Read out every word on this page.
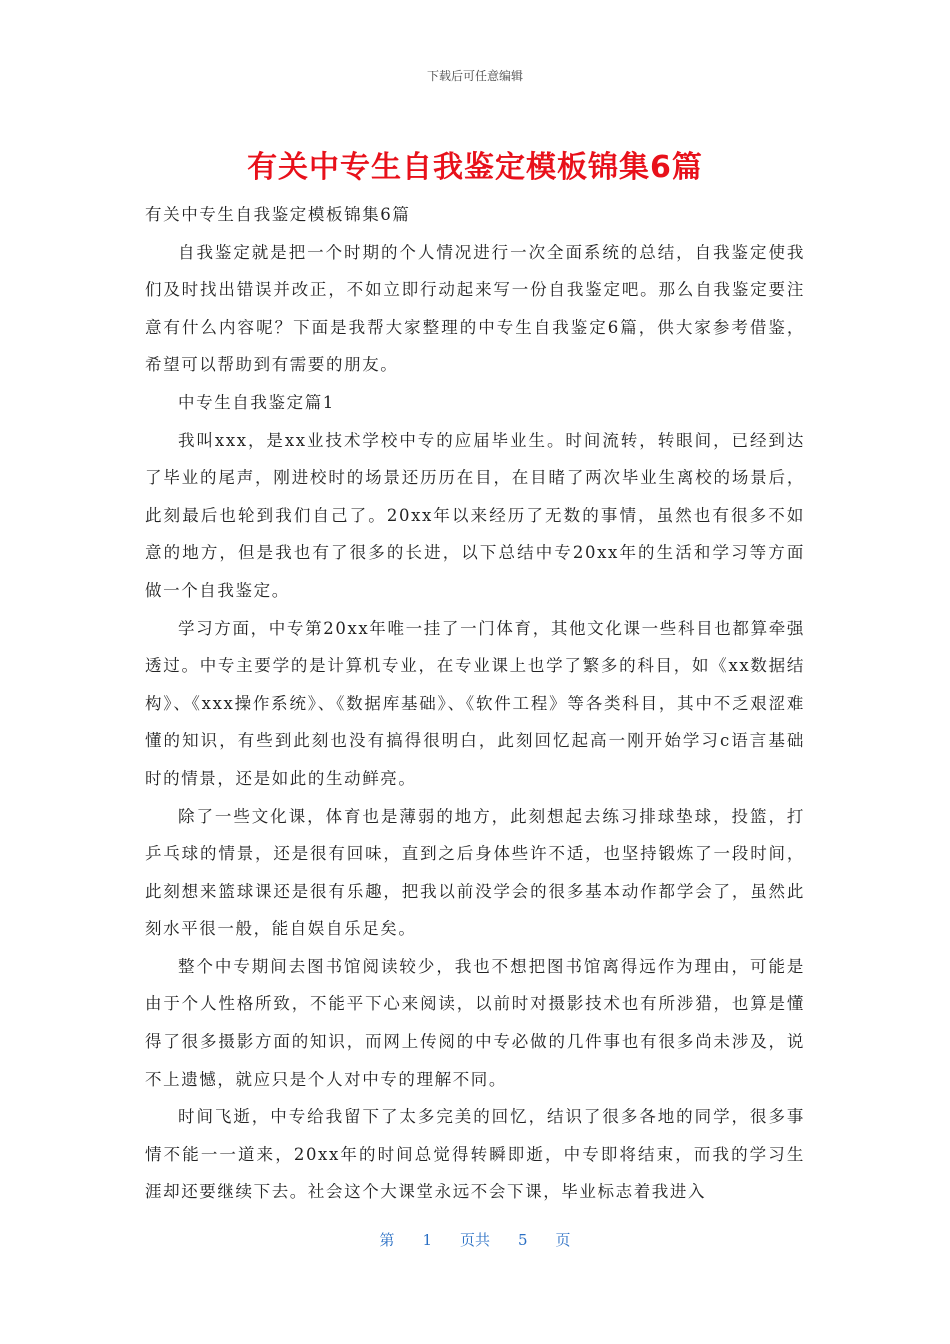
下载后可任意编辑
有关中专生自我鉴定模板锦集6篇

有关中专生自我鉴定模板锦集6篇

自我鉴定就是把一个时期的个人情况进行一次全面系统的总结，自我鉴定使我们及时找出错误并改正，不如立即行动起来写一份自我鉴定吧。那么自我鉴定要注意有什么内容呢？下面是我帮大家整理的中专生自我鉴定6篇，供大家参考借鉴，希望可以帮助到有需要的朋友。

中专生自我鉴定篇1

我叫xxx，是xx业技术学校中专的应届毕业生。时间流转，转眼间，已经到达了毕业的尾声，刚进校时的场景还历历在目，在目睹了两次毕业生离校的场景后，此刻最后也轮到我们自己了。20xx年以来经历了无数的事情，虽然也有很多不如意的地方，但是我也有了很多的长进，以下总结中专20xx年的生活和学习等方面做一个自我鉴定。

学习方面，中专第20xx年唯一挂了一门体育，其他文化课一些科目也都算牵强透过。中专主要学的是计算机专业，在专业课上也学了繁多的科目，如《xx数据结构》、《xxx操作系统》、《数据库基础》、《软件工程》等各类科目，其中不乏艰涩难懂的知识，有些到此刻也没有搞得很明白，此刻回忆起高一刚开始学习c语言基础时的情景，还是如此的生动鲜亮。

除了一些文化课，体育也是薄弱的地方，此刻想起去练习排球垫球，投篮，打乒乓球的情景，还是很有回味，直到之后身体些许不适，也坚持锻炼了一段时间，此刻想来篮球课还是很有乐趣，把我以前没学会的很多基本动作都学会了，虽然此刻水平很一般，能自娱自乐足矣。

整个中专期间去图书馆阅读较少，我也不想把图书馆离得远作为理由，可能是由于个人性格所致，不能平下心来阅读，以前时对摄影技术也有所涉猎，也算是懂得了很多摄影方面的知识，而网上传阅的中专必做的几件事也有很多尚未涉及，说不上遗憾，就应只是个人对中专的理解不同。

时间飞逝，中专给我留下了太多完美的回忆，结识了很多各地的同学，很多事情不能一一道来，20xx年的时间总觉得转瞬即逝，中专即将结束，而我的学习生涯却还要继续下去。社会这个大课堂永远不会下课，毕业标志着我进入

第 1 页共 5 页
